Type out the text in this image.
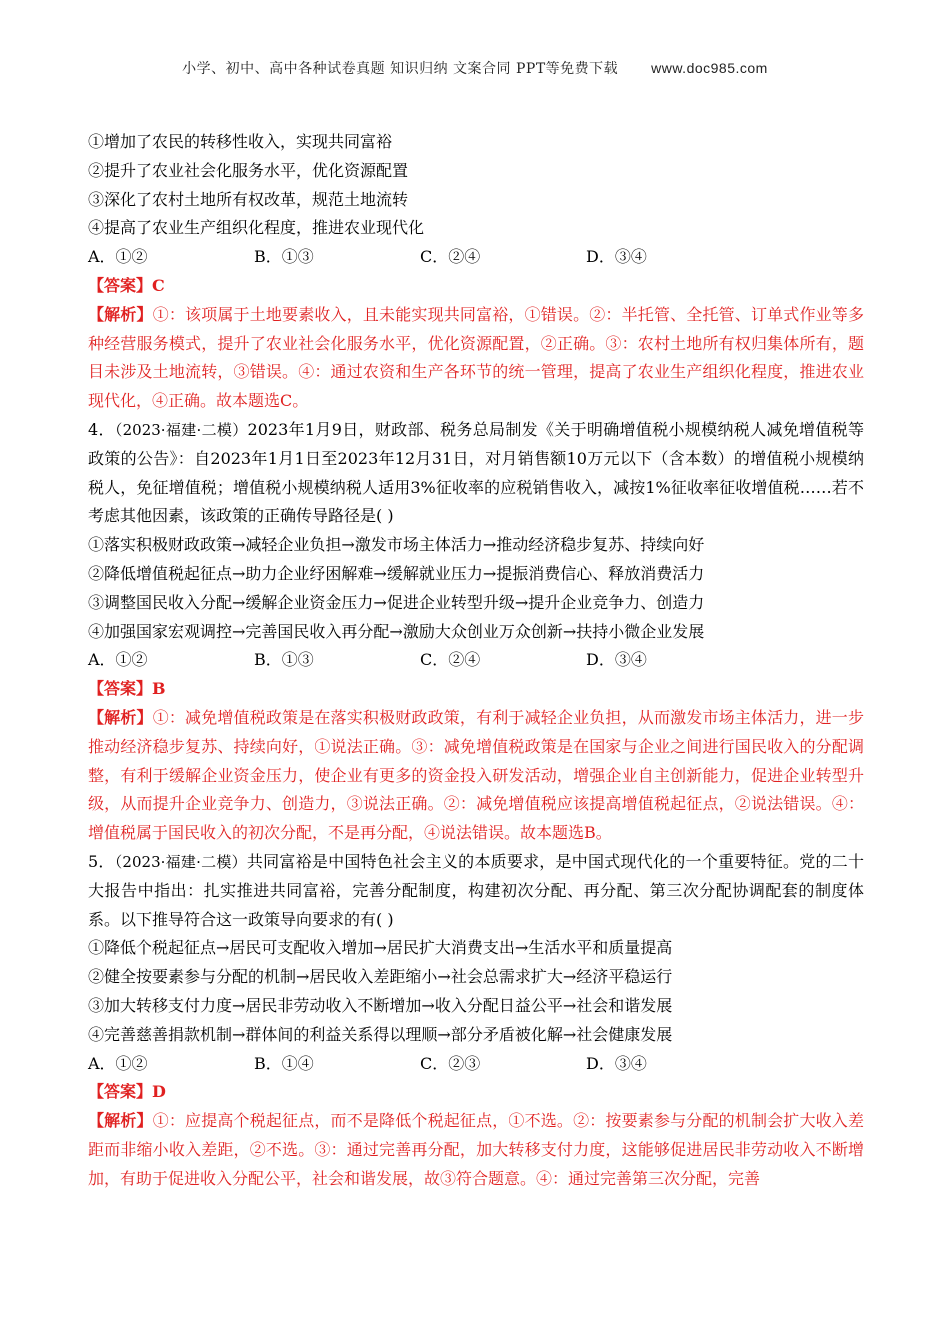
小学、初中、高中各种试卷真题 知识归纳 文案合同 PPT等免费下载 www.doc985.com
①增加了农民的转移性收入，实现共同富裕
②提升了农业社会化服务水平，优化资源配置
③深化了农村土地所有权改革，规范土地流转
④提高了农业生产组织化程度，推进农业现代化
A．①②	B．①③	C．②④	D．③④
【答案】C
【解析】①：该项属于土地要素收入，且未能实现共同富裕，①错误。②：半托管、全托管、订单式作业等多种经营服务模式，提升了农业社会化服务水平，优化资源配置，②正确。③：农村土地所有权归集体所有，题目未涉及土地流转，③错误。④：通过农资和生产各环节的统一管理，提高了农业生产组织化程度，推进农业现代化，④正确。故本题选C。
4．（2023·福建·二模）2023年1月9日，财政部、税务总局制发《关于明确增值税小规模纳税人减免增值税等政策的公告》：自2023年1月1日至2023年12月31日，对月销售额10万元以下（含本数）的增值税小规模纳税人，免征增值税；增值税小规模纳税人适用3%征收率的应税销售收入，减按1%征收率征收增值税……若不考虑其他因素，该政策的正确传导路径是( )
①落实积极财政政策→减轻企业负担→激发市场主体活力→推动经济稳步复苏、持续向好
②降低增值税起征点→助力企业纾困解难→缓解就业压力→提振消费信心、释放消费活力
③调整国民收入分配→缓解企业资金压力→促进企业转型升级→提升企业竞争力、创造力
④加强国家宏观调控→完善国民收入再分配→激励大众创业万众创新→扶持小微企业发展
A．①②	B．①③	C．②④	D．③④
【答案】B
【解析】①：减免增值税政策是在落实积极财政政策，有利于减轻企业负担，从而激发市场主体活力，进一步推动经济稳步复苏、持续向好，①说法正确。③：减免增值税政策是在国家与企业之间进行国民收入的分配调整，有利于缓解企业资金压力，使企业有更多的资金投入研发活动，增强企业自主创新能力，促进企业转型升级，从而提升企业竞争力、创造力，③说法正确。②：减免增值税应该提高增值税起征点，②说法错误。④：增值税属于国民收入的初次分配，不是再分配，④说法错误。故本题选B。
5．（2023·福建·二模）共同富裕是中国特色社会主义的本质要求，是中国式现代化的一个重要特征。党的二十大报告中指出：扎实推进共同富裕，完善分配制度，构建初次分配、再分配、第三次分配协调配套的制度体系。以下推导符合这一政策导向要求的有( )
①降低个税起征点→居民可支配收入增加→居民扩大消费支出→生活水平和质量提高
②健全按要素参与分配的机制→居民收入差距缩小→社会总需求扩大→经济平稳运行
③加大转移支付力度→居民非劳动收入不断增加→收入分配日益公平→社会和谐发展
④完善慈善捐款机制→群体间的利益关系得以理顺→部分矛盾被化解→社会健康发展
A．①②	B．①④	C．②③	D．③④
【答案】D
【解析】①：应提高个税起征点，而不是降低个税起征点，①不选。②：按要素参与分配的机制会扩大收入差距而非缩小收入差距，②不选。③：通过完善再分配，加大转移支付力度，这能够促进居民非劳动收入不断增加，有助于促进收入分配公平，社会和谐发展，故③符合题意。④：通过完善第三次分配，完善
